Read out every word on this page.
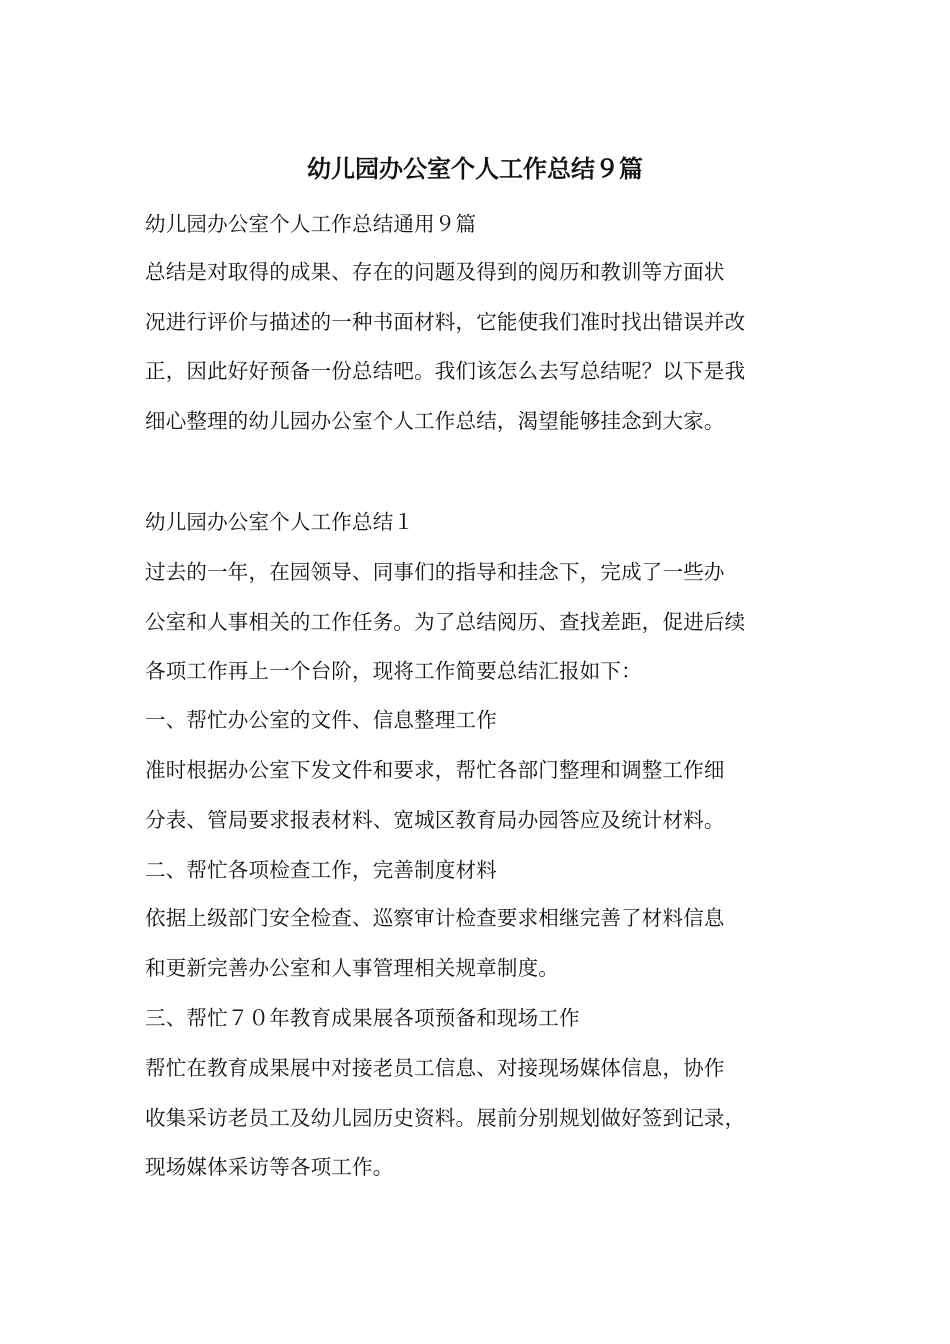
幼儿园办公室个人工作总结９篇

幼儿园办公室个人工作总结通用９篇

总结是对取得的成果、存在的问题及得到的阅历和教训等方面状
况进行评价与描述的一种书面材料，它能使我们准时找出错误并改
正，因此好好预备一份总结吧。我们该怎么去写总结呢？以下是我
细心整理的幼儿园办公室个人工作总结，渴望能够挂念到大家。

幼儿园办公室个人工作总结１

过去的一年，在园领导、同事们的指导和挂念下，完成了一些办
公室和人事相关的工作任务。为了总结阅历、查找差距，促进后续
各项工作再上一个台阶，现将工作简要总结汇报如下：

一、帮忙办公室的文件、信息整理工作

准时根据办公室下发文件和要求，帮忙各部门整理和调整工作细
分表、管局要求报表材料、宽城区教育局办园答应及统计材料。

二、帮忙各项检查工作，完善制度材料

依据上级部门安全检查、巡察审计检查要求相继完善了材料信息
和更新完善办公室和人事管理相关规章制度。

三、帮忙７０年教育成果展各项预备和现场工作

帮忙在教育成果展中对接老员工信息、对接现场媒体信息，协作
收集采访老员工及幼儿园历史资料。展前分别规划做好签到记录，
现场媒体采访等各项工作。
